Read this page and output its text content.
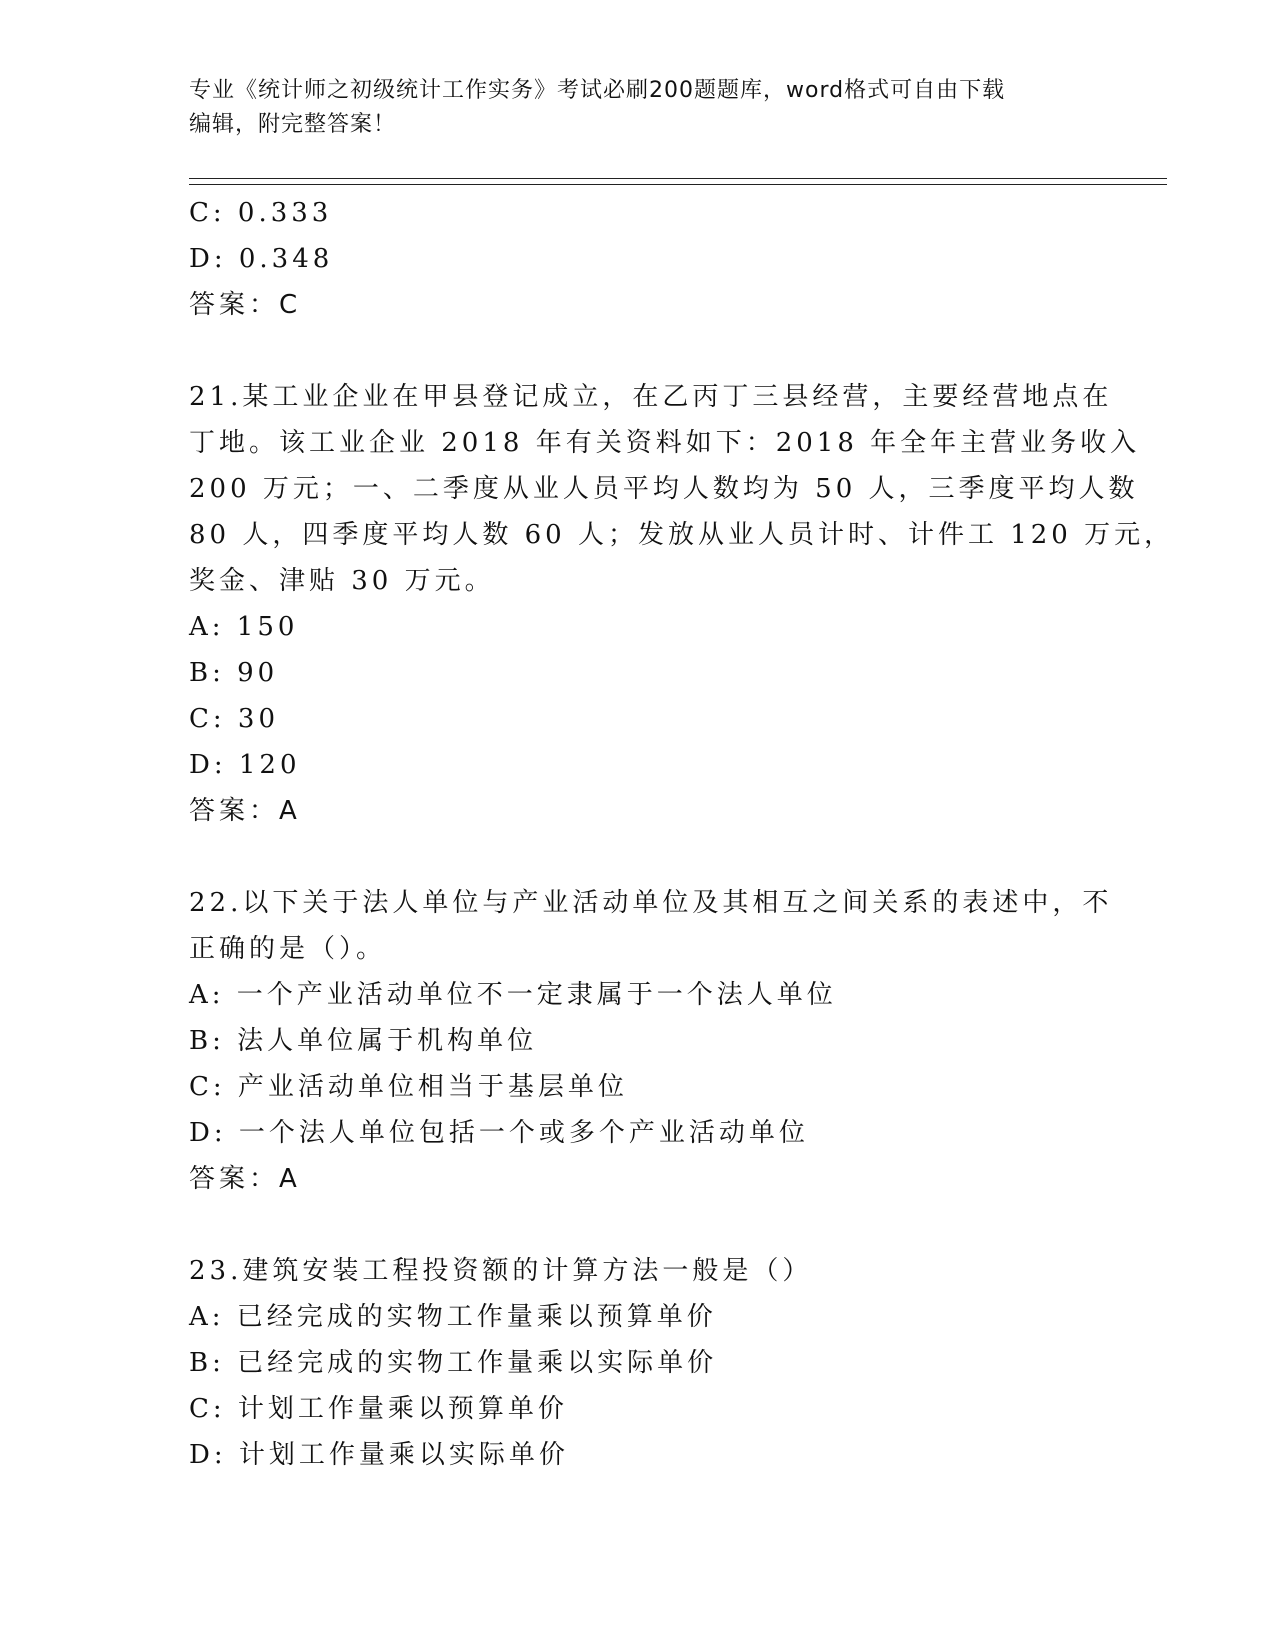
专业《统计师之初级统计工作实务》考试必刷200题题库，word格式可自由下载
编辑，附完整答案！
C: 0.333
D: 0.348
答案：C
21.某工业企业在甲县登记成立，在乙丙丁三县经营，主要经营地点在
丁地。该工业企业 2018 年有关资料如下：2018 年全年主营业务收入
200 万元；一、二季度从业人员平均人数均为 50 人，三季度平均人数
80 人，四季度平均人数 60 人；发放从业人员计时、计件工 120 万元，
奖金、津贴 30 万元。
A: 150
B: 90
C: 30
D: 120
答案：A
22.以下关于法人单位与产业活动单位及其相互之间关系的表述中，不
正确的是（）。
A: 一个产业活动单位不一定隶属于一个法人单位
B: 法人单位属于机构单位
C: 产业活动单位相当于基层单位
D: 一个法人单位包括一个或多个产业活动单位
答案：A
23.建筑安装工程投资额的计算方法一般是（）
A: 已经完成的实物工作量乘以预算单价
B: 已经完成的实物工作量乘以实际单价
C: 计划工作量乘以预算单价
D: 计划工作量乘以实际单价
